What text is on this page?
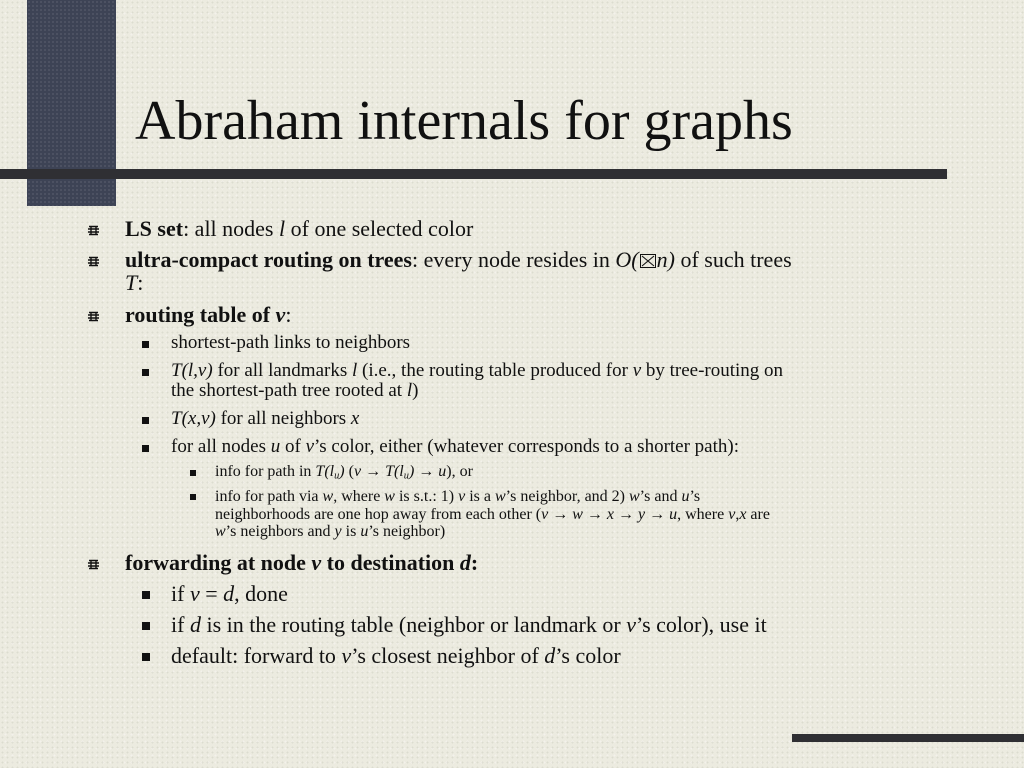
Abraham internals for graphs
LS set: all nodes l of one selected color
ultra-compact routing on trees: every node resides in O( n) of such trees
T:
routing table of v:
shortest-path links to neighbors
T(l,v) for all landmarks l (i.e., the routing table produced for v by tree-routing on
the shortest-path tree rooted at l)
T(x,v) for all neighbors x
for all nodes u of v’s color, either (whatever corresponds to a shorter path):
info for path in $T(l_u) (v \to T(l_u) \to u)$, or
info for path via w, where w is s.t.: 1) v is a w’s neighbor, and 2) w’s and u’s
neighborhoods are one hop away from each other (v → w → x → y → u, where v,x are
w’s neighbors and y is u’s neighbor)
forwarding at node v to destination d:
if v = d, done
if d is in the routing table (neighbor or landmark or v’s color), use it
default: forward to v’s closest neighbor of d’s color
